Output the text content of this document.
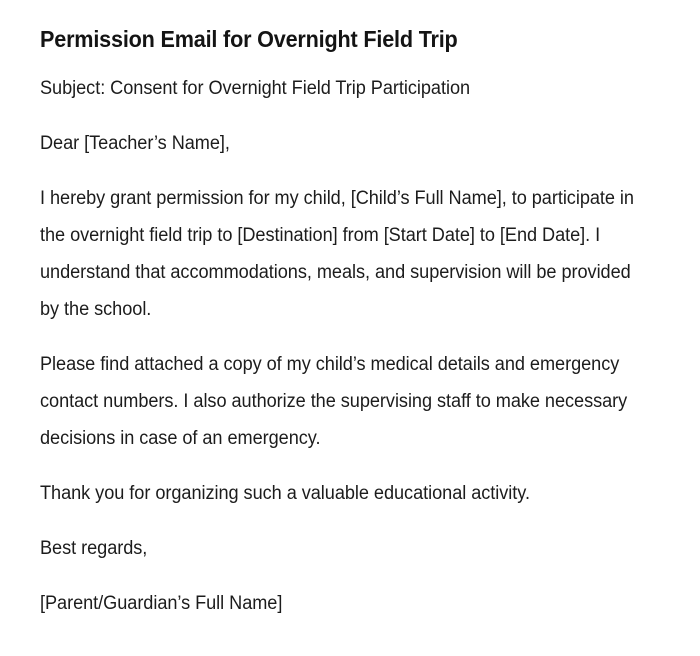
Permission Email for Overnight Field Trip

Subject: Consent for Overnight Field Trip Participation

Dear [Teacher’s Name],

I hereby grant permission for my child, [Child’s Full Name], to participate in the overnight field trip to [Destination] from [Start Date] to [End Date]. I understand that accommodations, meals, and supervision will be provided by the school.

Please find attached a copy of my child’s medical details and emergency contact numbers. I also authorize the supervising staff to make necessary decisions in case of an emergency.

Thank you for organizing such a valuable educational activity.

Best regards,

[Parent/Guardian’s Full Name]
